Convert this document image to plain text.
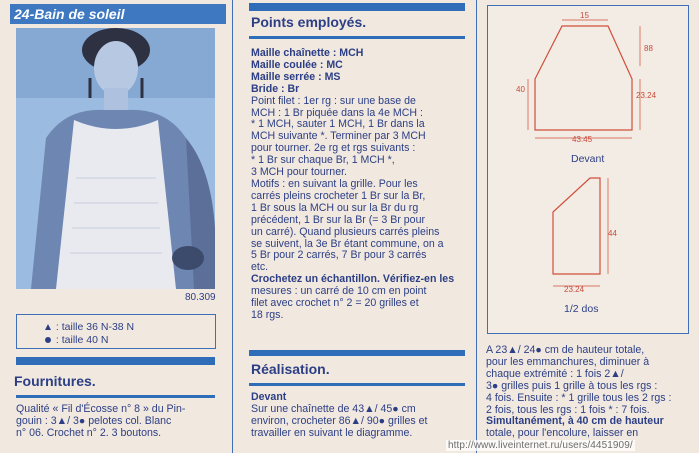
24-Bain de soleil
80.309
: taille 36 N-38 N
: taille 40 N
Fournitures.
Qualité « Fil d'Écosse n° 8 » du Pin-
gouin : 3▲/ 3● pelotes col. Blanc
n° 06. Crochet n° 2. 3 boutons.
Points employés.
Maille chaînette : MCH
Maille coulée : MC
Maille serrée : MS
Bride : Br
Point filet : 1er rg : sur une base de
MCH : 1 Br piquée dans la 4e MCH :
* 1 MCH, sauter 1 MCH, 1 Br dans la
MCH suivante *. Terminer par 3 MCH
pour tourner. 2e rg et rgs suivants :
* 1 Br sur chaque Br, 1 MCH *,
3 MCH pour tourner.
Motifs : en suivant la grille. Pour les
carrés pleins crocheter 1 Br sur la Br,
1 Br sous la MCH ou sur la Br du rg
précédent, 1 Br sur la Br (= 3 Br pour
un carré). Quand plusieurs carrés pleins
se suivent, la 3e Br étant commune, on a
5 Br pour 2 carrés, 7 Br pour 3 carrés
etc.
Crochetez un échantillon. Vérifiez-en les
mesures : un carré de 10 cm en point
filet avec crochet n° 2 = 20 grilles et
18 rgs.
Réalisation.
Devant
Sur une chaînette de 43▲/ 45● cm
environ, crocheter 86▲/ 90● grilles et
travailler en suivant le diagramme.
15
88
40
23.24
43.45
44
23.24
Devant
1/2 dos
A 23▲/ 24● cm de hauteur totale,
pour les emmanchures, diminuer à
chaque extrémité : 1 fois 2▲/
3● grilles puis 1 grille à tous les rgs :
4 fois. Ensuite : * 1 grille tous les 2 rgs :
2 fois, tous les rgs : 1 fois * : 7 fois.
Simultanément, à 40 cm de hauteur
totale, pour l'encolure, laisser en
http://www.liveinternet.ru/users/4451909/
